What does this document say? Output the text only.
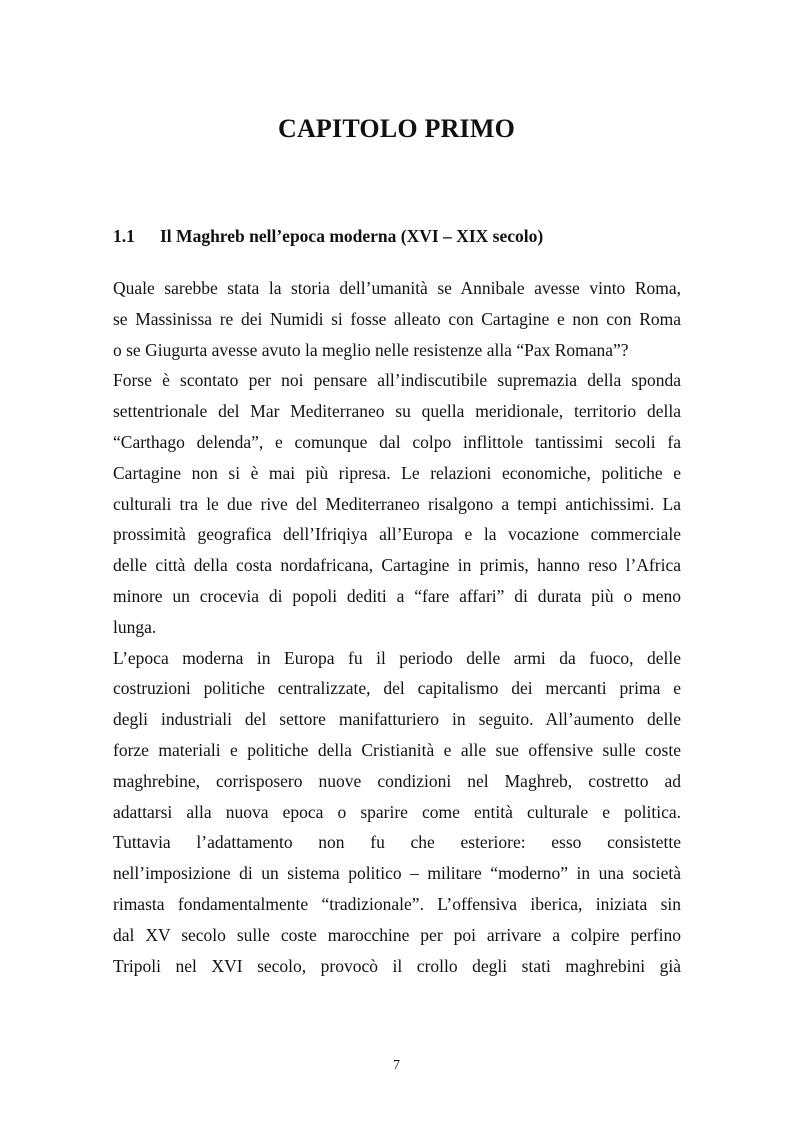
CAPITOLO PRIMO
1.1 Il Maghreb nell’epoca moderna (XVI – XIX secolo)
Quale sarebbe stata la storia dell’umanità se Annibale avesse vinto Roma,
se Massinissa re dei Numidi si fosse alleato con Cartagine e non con Roma
o se Giugurta avesse avuto la meglio nelle resistenze alla “Pax Romana”?
Forse è scontato per noi pensare all’indiscutibile supremazia della sponda
settentrionale del Mar Mediterraneo su quella meridionale, territorio della
“Carthago delenda”, e comunque dal colpo inflittole tantissimi secoli fa
Cartagine non si è mai più ripresa. Le relazioni economiche, politiche e
culturali tra le due rive del Mediterraneo risalgono a tempi antichissimi. La
prossimità geografica dell’Ifriqiya all’Europa e la vocazione commerciale
delle città della costa nordafricana, Cartagine in primis, hanno reso l’Africa
minore un crocevia di popoli dediti a “fare affari” di durata più o meno
lunga.
L’epoca moderna in Europa fu il periodo delle armi da fuoco, delle
costruzioni politiche centralizzate, del capitalismo dei mercanti prima e
degli industriali del settore manifatturiero in seguito. All’aumento delle
forze materiali e politiche della Cristianità e alle sue offensive sulle coste
maghrebine, corrisposero nuove condizioni nel Maghreb, costretto ad
adattarsi alla nuova epoca o sparire come entità culturale e politica.
Tuttavia l’adattamento non fu che esteriore: esso consistette
nell’imposizione di un sistema politico – militare “moderno” in una società
rimasta fondamentalmente “tradizionale”. L’offensiva iberica, iniziata sin
dal XV secolo sulle coste marocchine per poi arrivare a colpire perfino
Tripoli nel XVI secolo, provocò il crollo degli stati maghrebini già
7
